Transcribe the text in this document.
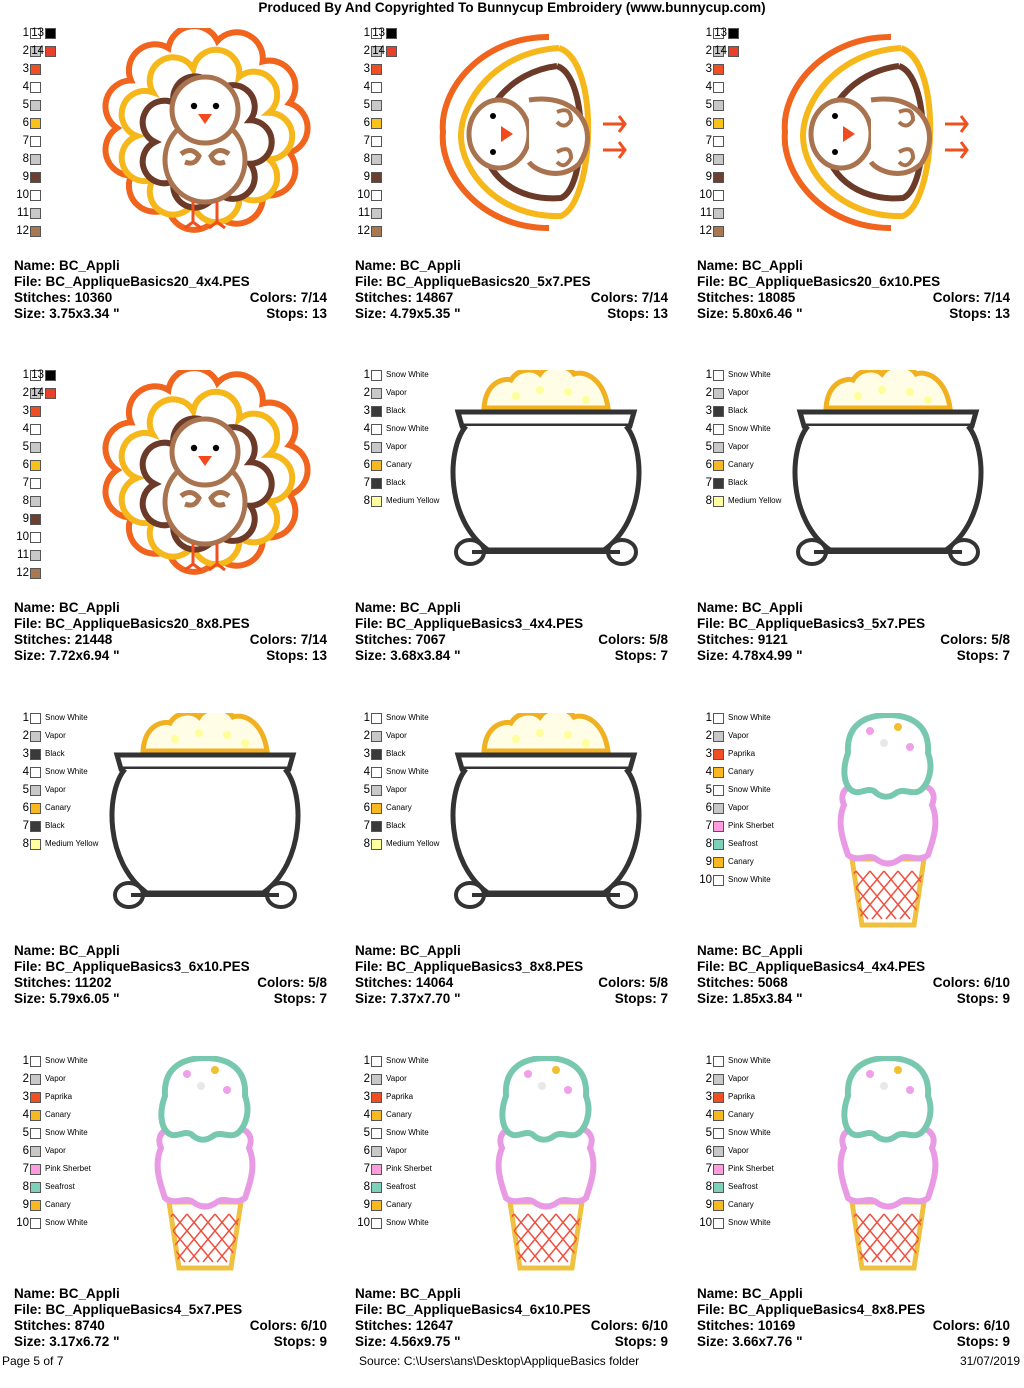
Produced By And Copyrighted To Bunnycup Embroidery (www.bunnycup.com)
1
2
3
4
5
6
7
8
9
10
11
12
13
14
Name: BC_Appli
File: BC_AppliqueBasics20_4x4.PES
Stitches: 10360	Colors: 7/14
Size: 3.75x3.34 "	Stops: 13
1
2
3
4
5
6
7
8
9
10
11
12
13
14
Name: BC_Appli
File: BC_AppliqueBasics20_5x7.PES
Stitches: 14867	Colors: 7/14
Size: 4.79x5.35 "	Stops: 13
1
2
3
4
5
6
7
8
9
10
11
12
13
14
Name: BC_Appli
File: BC_AppliqueBasics20_6x10.PES
Stitches: 18085	Colors: 7/14
Size: 5.80x6.46 "	Stops: 13
1
2
3
4
5
6
7
8
9
10
11
12
13
14
Name: BC_Appli
File: BC_AppliqueBasics20_8x8.PES
Stitches: 21448	Colors: 7/14
Size: 7.72x6.94 "	Stops: 13
1 Snow White
2 Vapor
3 Black
4 Snow White
5 Vapor
6 Canary
7 Black
8 Medium Yellow
Name: BC_Appli
File: BC_AppliqueBasics3_4x4.PES
Stitches: 7067	Colors: 5/8
Size: 3.68x3.84 "	Stops: 7
1 Snow White
2 Vapor
3 Black
4 Snow White
5 Vapor
6 Canary
7 Black
8 Medium Yellow
Name: BC_Appli
File: BC_AppliqueBasics3_5x7.PES
Stitches: 9121	Colors: 5/8
Size: 4.78x4.99 "	Stops: 7
1 Snow White
2 Vapor
3 Black
4 Snow White
5 Vapor
6 Canary
7 Black
8 Medium Yellow
Name: BC_Appli
File: BC_AppliqueBasics3_6x10.PES
Stitches: 11202	Colors: 5/8
Size: 5.79x6.05 "	Stops: 7
1 Snow White
2 Vapor
3 Black
4 Snow White
5 Vapor
6 Canary
7 Black
8 Medium Yellow
Name: BC_Appli
File: BC_AppliqueBasics3_8x8.PES
Stitches: 14064	Colors: 5/8
Size: 7.37x7.70 "	Stops: 7
1 Snow White
2 Vapor
3 Paprika
4 Canary
5 Snow White
6 Vapor
7 Pink Sherbet
8 Seafrost
9 Canary
10 Snow White
Name: BC_Appli
File: BC_AppliqueBasics4_4x4.PES
Stitches: 5068	Colors: 6/10
Size: 1.85x3.84 "	Stops: 9
1 Snow White
2 Vapor
3 Paprika
4 Canary
5 Snow White
6 Vapor
7 Pink Sherbet
8 Seafrost
9 Canary
10 Snow White
Name: BC_Appli
File: BC_AppliqueBasics4_5x7.PES
Stitches: 8740	Colors: 6/10
Size: 3.17x6.72 "	Stops: 9
1 Snow White
2 Vapor
3 Paprika
4 Canary
5 Snow White
6 Vapor
7 Pink Sherbet
8 Seafrost
9 Canary
10 Snow White
Name: BC_Appli
File: BC_AppliqueBasics4_6x10.PES
Stitches: 12647	Colors: 6/10
Size: 4.56x9.75 "	Stops: 9
1 Snow White
2 Vapor
3 Paprika
4 Canary
5 Snow White
6 Vapor
7 Pink Sherbet
8 Seafrost
9 Canary
10 Snow White
Name: BC_Appli
File: BC_AppliqueBasics4_8x8.PES
Stitches: 10169	Colors: 6/10
Size: 3.66x7.76 "	Stops: 9
Page 5 of 7	Source: C:\Users\ans\Desktop\AppliqueBasics folder	31/07/2019
